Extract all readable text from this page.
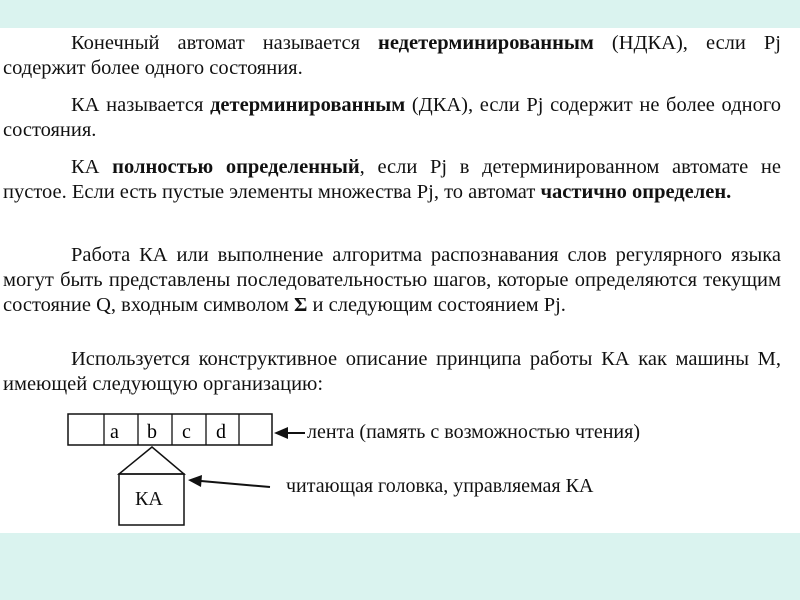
Конечный автомат называется недетерминированным (НДКА), если Pj содержит более одного состояния.

КА называется детерминированным (ДКА), если Pj содержит не более одного состояния.

КА полностью определенный, если Pj в детерминированном автомате не пустое. Если есть пустые элементы множества Pj, то автомат частично определен.

Работа КА или выполнение алгоритма распознавания слов регулярного языка могут быть представлены последовательностью шагов, которые определяются текущим состояние Q, входным символом Σ и следующим состоянием Pj.

Используется конструктивное описание принципа работы КА как машины М, имеющей следующую организацию:

a b c d	лента (память с возможностью чтения)
читающая головка, управляемая КА
КА
